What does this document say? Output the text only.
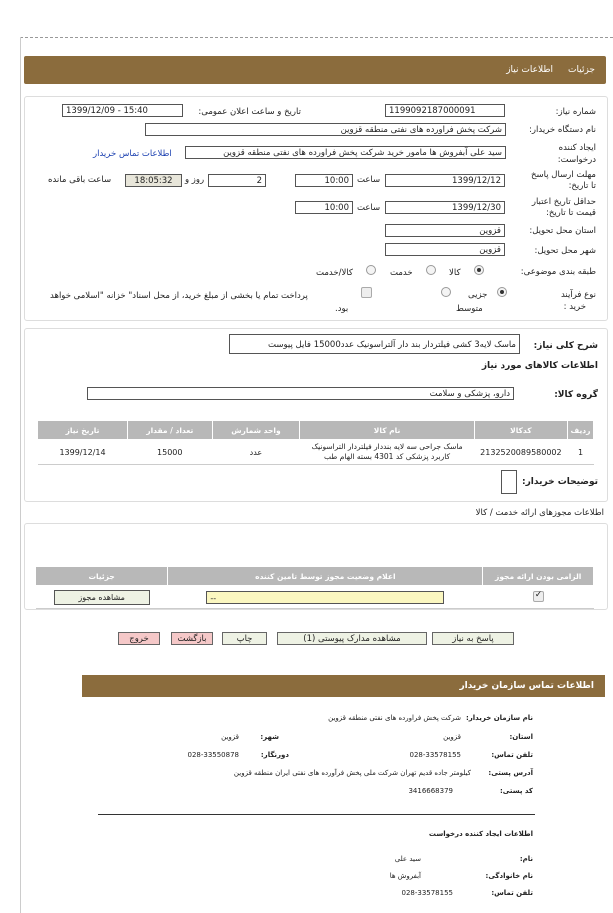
جزئیات
اطلاعات نیاز
شماره نیاز:
1199092187000091
تاریخ و ساعت اعلان عمومی:
1399/12/09 - 15:40
نام دستگاه خریدار:
شرکت پخش فراورده های نفتی منطقه قزوین
ایجاد کننده
درخواست:
سید علی آبفروش ها مامور خرید شرکت پخش فراورده های نفتی منطقه قزوین
اطلاعات تماس خریدار
مهلت ارسال پاسخ
تا تاریخ:
1399/12/12
ساعت
10:00
2
روز و
18:05:32
ساعت باقی مانده
حداقل تاریخ اعتبار
قیمت تا تاریخ:
1399/12/30
ساعت
10:00
استان محل تحویل:
قزوین
شهر محل تحویل:
قزوین
طبقه بندی موضوعی:
کالا
خدمت
کالا/خدمت
نوع فرآیند
خرید :
جزیی
متوسط
پرداخت تمام یا بخشی از مبلغ خرید، از محل اسناد" خزانه "اسلامی خواهد
بود.
شرح کلی نیاز:
ماسک لایه3 کشی فیلتردار بند دار آلتراسونیک عدد15000 فایل پیوست
اطلاعات کالاهای مورد نیاز
گروه کالا:
دارو، پزشکی و سلامت
ردیف	کدکالا	نام کالا	واحد شمارش	تعداد / مقدار	تاریخ نیاز
1	2132520089580002	ماسک جراحی سه لایه بنددار فیلتردار التراسونیک کاربرد پزشکی کد 4301 بسته الهام طب	عدد	15000	1399/12/14
توضیحات خریدار:
اطلاعات مجوزهای ارائه خدمت / کالا
الزامی بودن ارائه مجوز	اعلام وضعیت مجوز توسط تامین کننده	جزئیات

✓	--	مشاهده مجوز
پاسخ به نیاز
مشاهده مدارک پیوستی (1)
چاپ
بازگشت
خروج
اطلاعات تماس سازمان خریدار
نام سازمان خریدار:
شرکت پخش فراورده های نفتی منطقه قزوین
استان:
قزوین
شهر:
قزوین
تلفن تماس:
028-33578155
دورنگار:
028-33550878
آدرس پستی:
کیلومتر جاده قدیم تهران شرکت ملی پخش فرآورده های نفتی ایران منطقه قزوین
کد پستی:
3416668379
اطلاعات ایجاد کننده درخواست
نام:
سید علی
نام خانوادگی:
آبفروش ها
تلفن تماس:
028-33578155
